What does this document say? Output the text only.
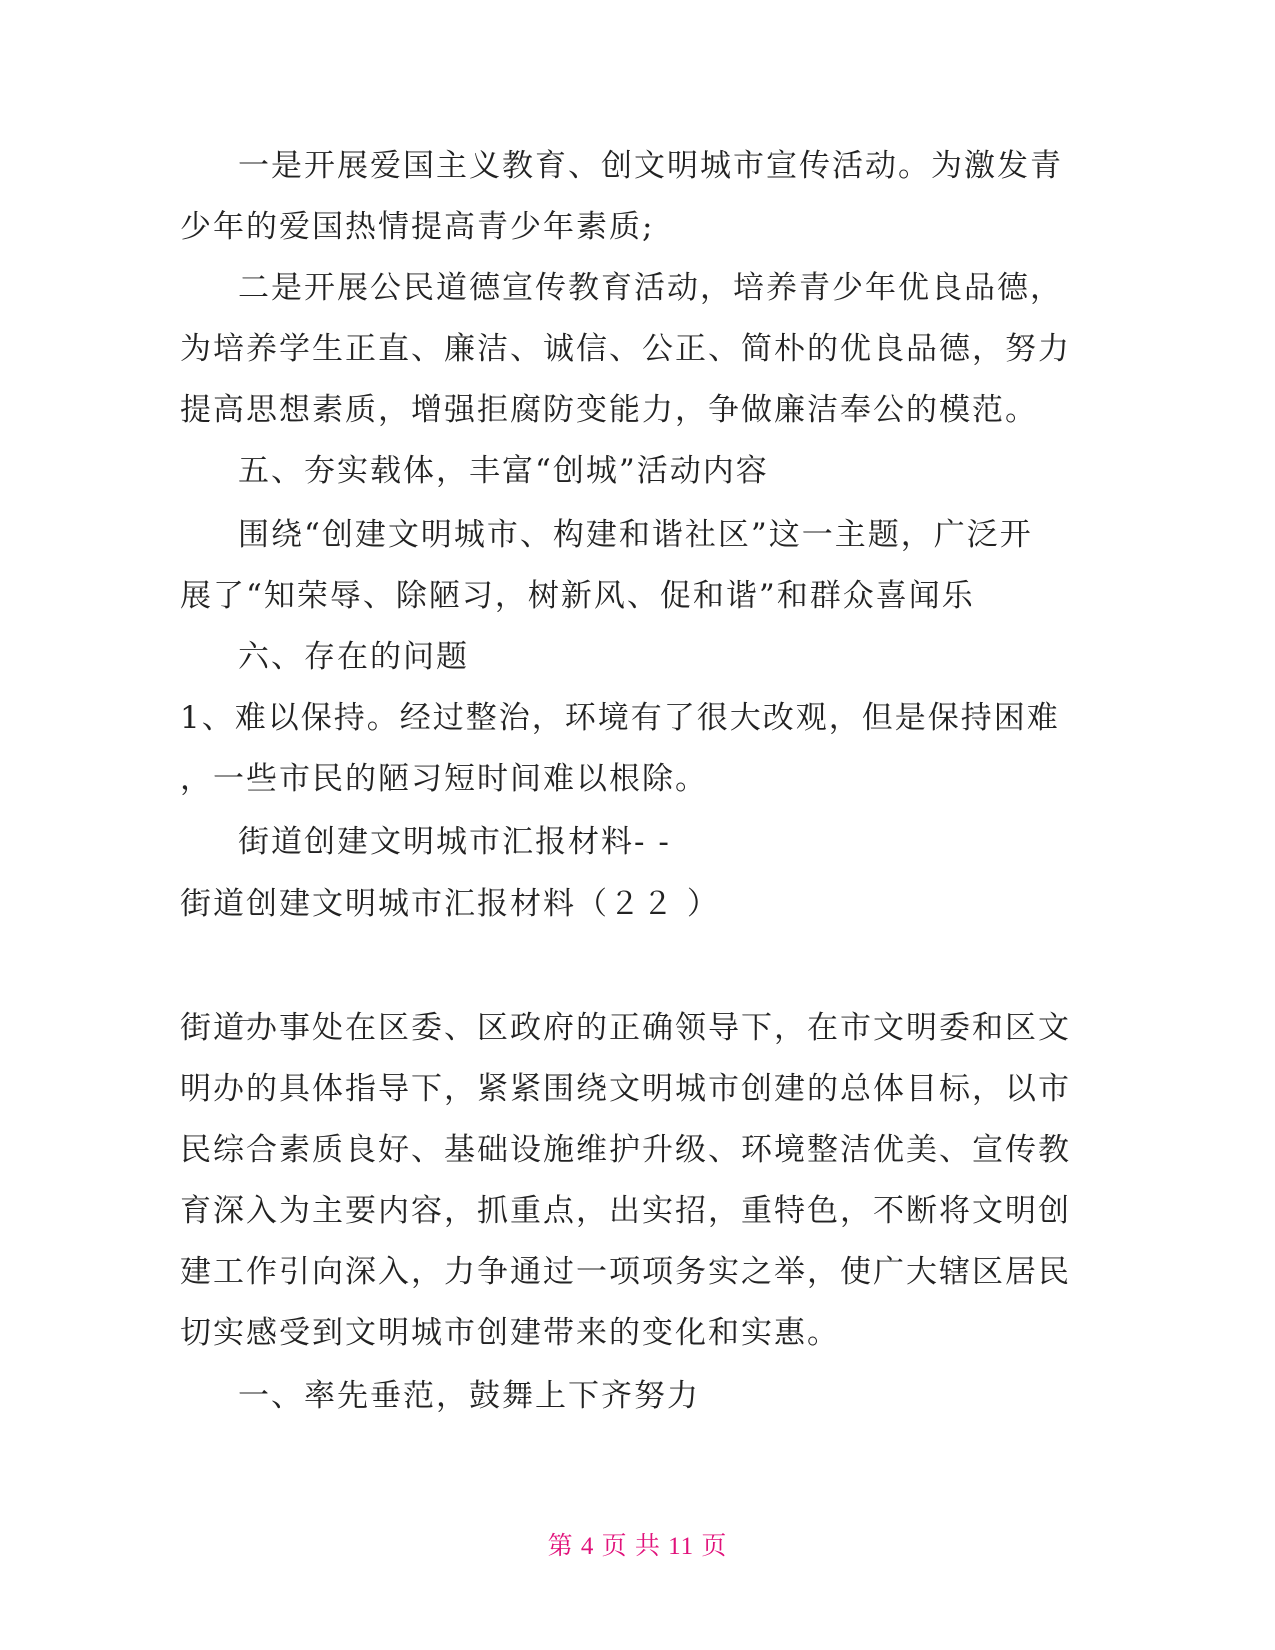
一是开展爱国主义教育、创文明城市宣传活动。为激发青

少年的爱国热情提高青少年素质;

二是开展公民道德宣传教育活动，培养青少年优良品德，

为培养学生正直、廉洁、诚信、公正、简朴的优良品德，努力

提高思想素质，增强拒腐防变能力，争做廉洁奉公的模范。

五、夯实载体，丰富“创城”活动内容

围绕“创建文明城市、构建和谐社区”这一主题，广泛开

展了“知荣辱、除陋习，树新风、促和谐”和群众喜闻乐

六、存在的问题

1、难以保持。经过整治，环境有了很大改观，但是保持困难

，一些市民的陋习短时间难以根除。

街道创建文明城市汇报材料- -

街道创建文明城市汇报材料（２２ ）

街道办事处在区委、区政府的正确领导下，在市文明委和区文

明办的具体指导下，紧紧围绕文明城市创建的总体目标，以市

民综合素质良好、基础设施维护升级、环境整洁优美、宣传教

育深入为主要内容，抓重点，出实招，重特色，不断将文明创

建工作引向深入，力争通过一项项务实之举，使广大辖区居民

切实感受到文明城市创建带来的变化和实惠。

一、率先垂范，鼓舞上下齐努力

第 4 页 共 11 页
